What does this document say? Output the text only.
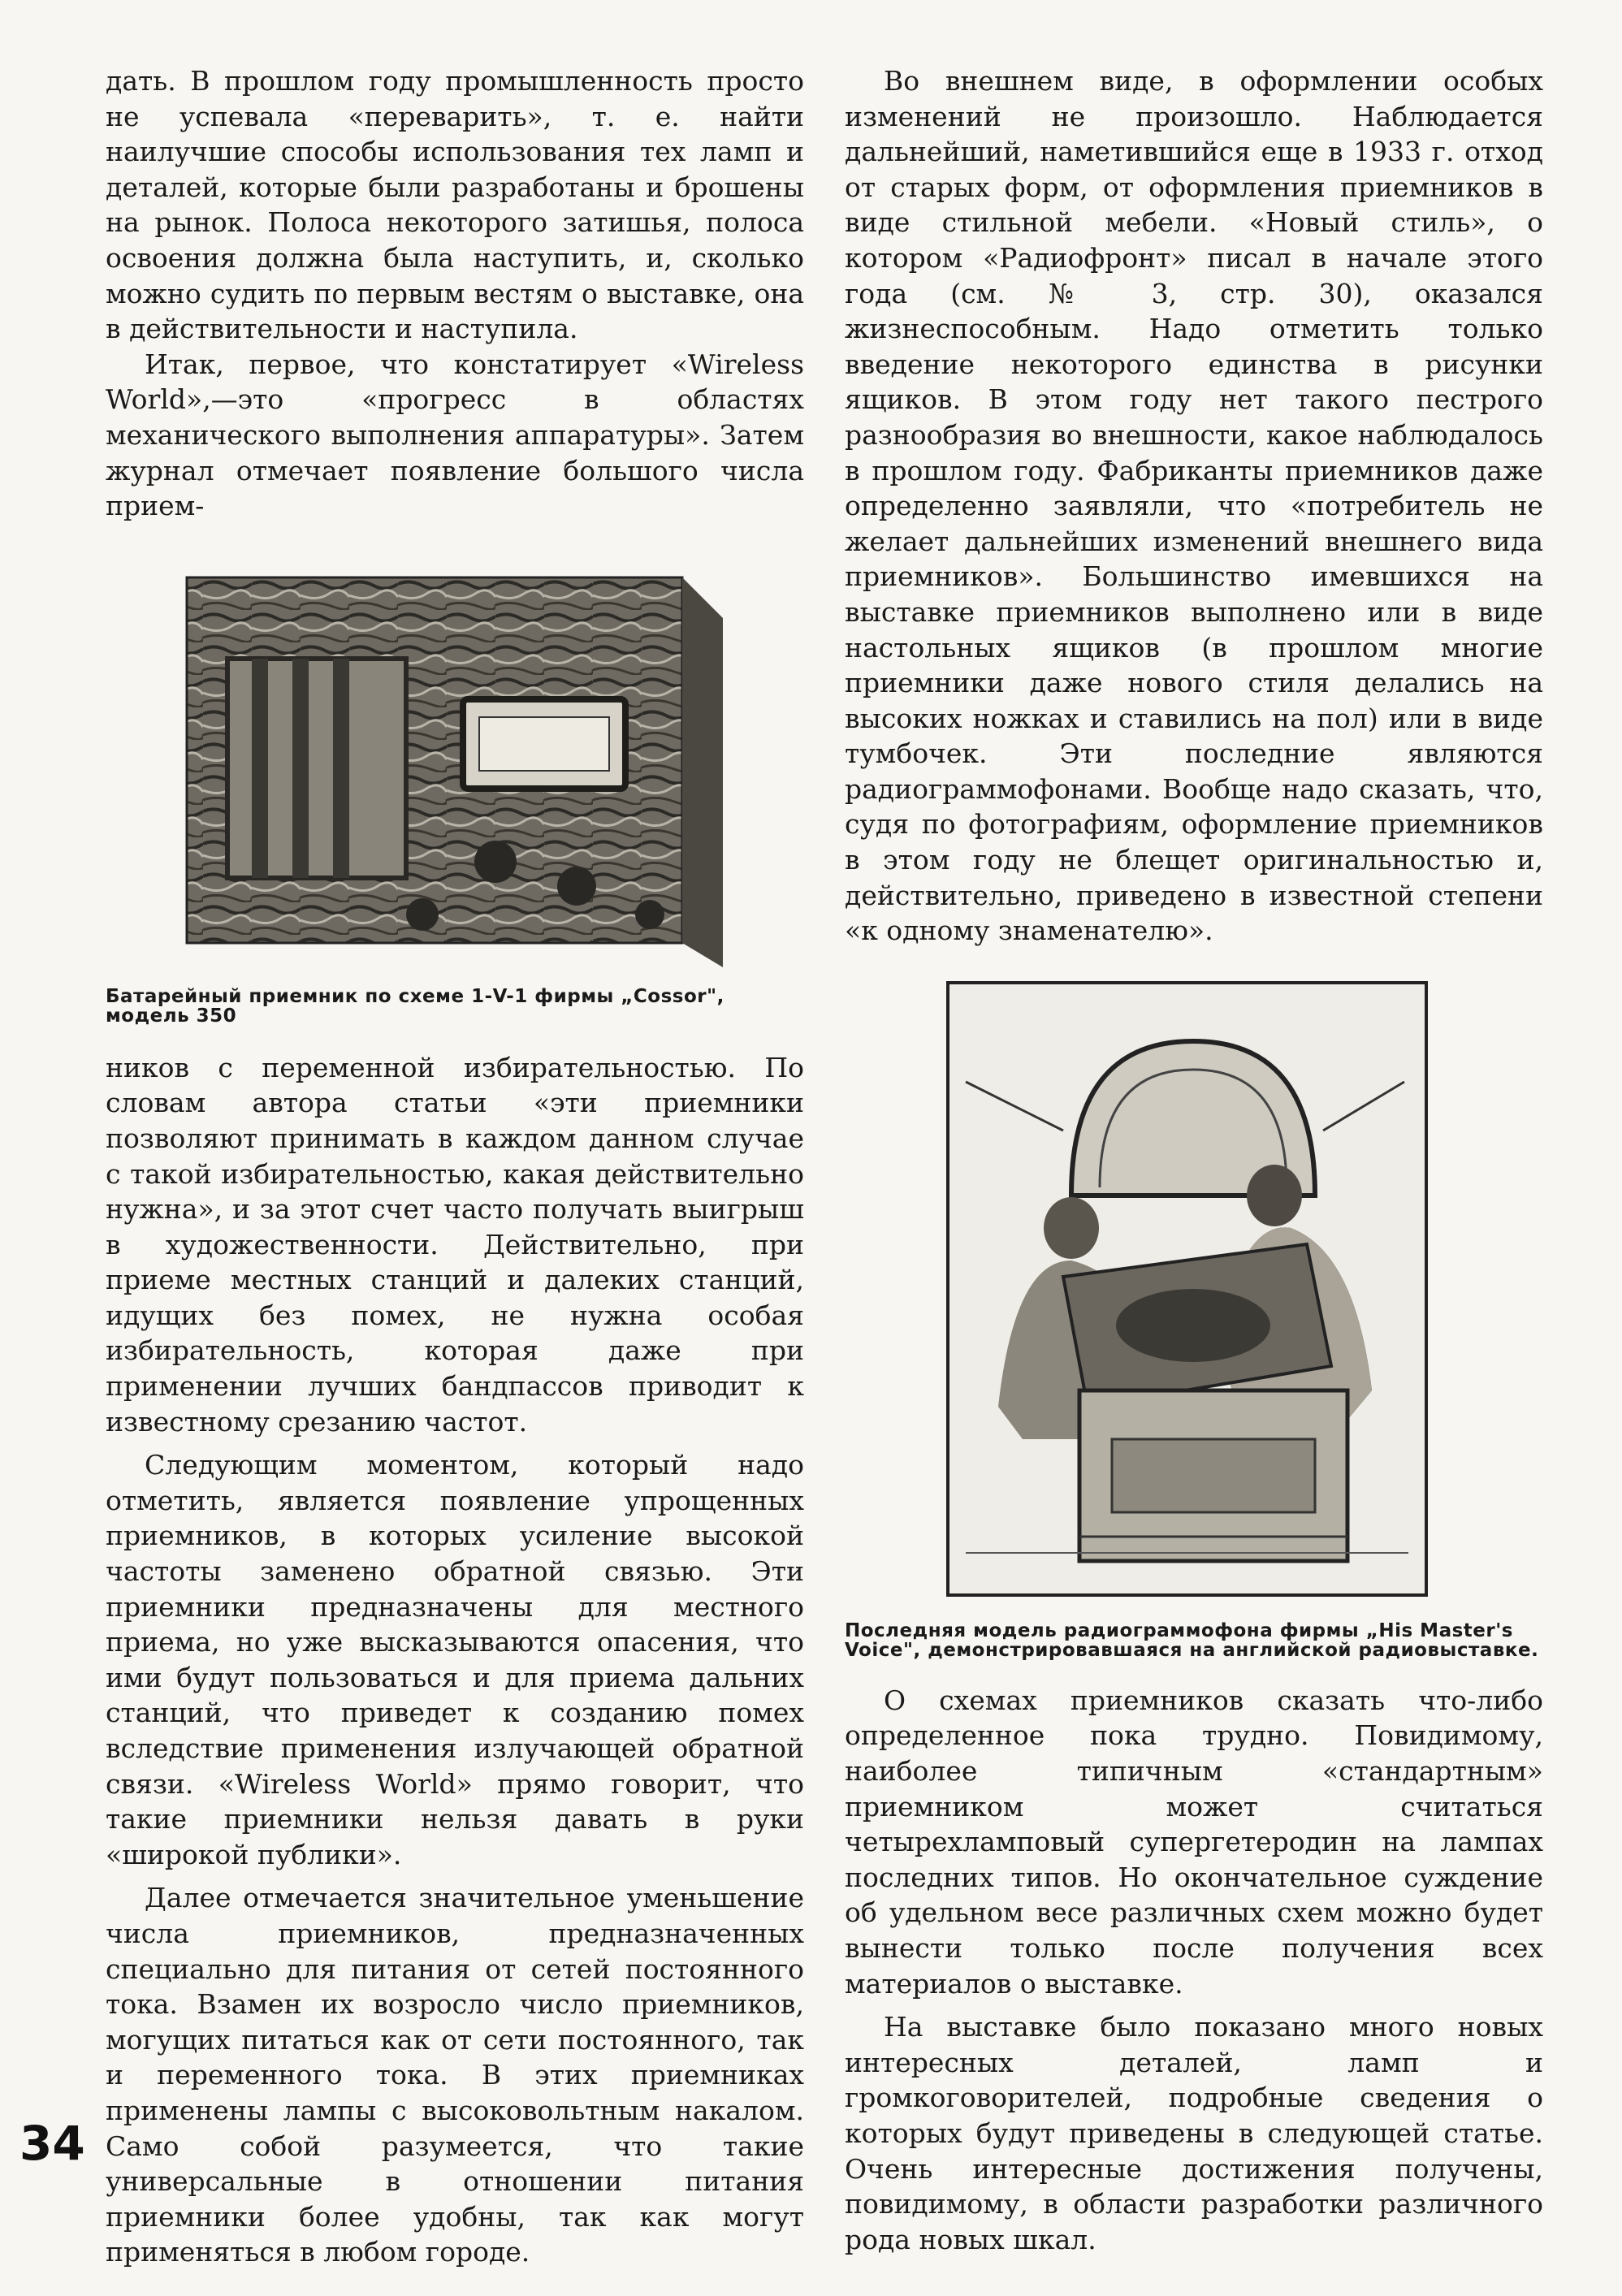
дать. В прошлом году промышленность просто не успевала «переварить», т. е. найти наилучшие способы использования тех ламп и деталей, которые были разработаны и брошены на рынок. Полоса некоторого затишья, полоса освоения должна была наступить, и, сколько можно судить по первым вестям о выставке, она в действительности и наступила.

Итак, первое, что констатирует «Wireless World»,—это «прогресс в областях механического выполнения аппаратуры». Затем журнал отмечает появление большого числа прием-

Батарейный приемник по схеме 1-V-1 фирмы „Cossor", модель 350

ников с переменной избирательностью. По словам автора статьи «эти приемники позволяют принимать в каждом данном случае с такой избирательностью, какая действительно нужна», и за этот счет часто получать выигрыш в художественности. Действительно, при приеме местных станций и далеких станций, идущих без помех, не нужна особая избирательность, которая даже при применении лучших бандпассов приводит к известному срезанию частот.

Следующим моментом, который надо отметить, является появление упрощенных приемников, в которых усиление высокой частоты заменено обратной связью. Эти приемники предназначены для местного приема, но уже высказываются опасения, что ими будут пользоваться и для приема дальних станций, что приведет к созданию помех вследствие применения излучающей обратной связи. «Wireless World» прямо говорит, что такие приемники нельзя давать в руки «широкой публики».

Далее отмечается значительное уменьшение числа приемников, предназначенных специально для питания от сетей постоянного тока. Взамен их возросло число приемников, могущих питаться как от сети постоянного, так и переменного тока. В этих приемниках применены лампы с высоковольтным накалом. Само собой разумеется, что такие универсальные в отношении питания приемники более удобны, так как могут применяться в любом городе.

Во внешнем виде, в оформлении особых изменений не произошло. Наблюдается дальнейший, наметившийся еще в 1933 г. отход от старых форм, от оформления приемников в виде стильной мебели. «Новый стиль», о котором «Радиофронт» писал в начале этого года (см. № 3, стр. 30), оказался жизнеспособным. Надо отметить только введение некоторого единства в рисунки ящиков. В этом году нет такого пестрого разнообразия во внешности, какое наблюдалось в прошлом году. Фабриканты приемников даже определенно заявляли, что «потребитель не желает дальнейших изменений внешнего вида приемников». Большинство имевшихся на выставке приемников выполнено или в виде настольных ящиков (в прошлом многие приемники даже нового стиля делались на высоких ножках и ставились на пол) или в виде тумбочек. Эти последние являются радиограммофонами. Вообще надо сказать, что, судя по фотографиям, оформление приемников в этом году не блещет оригинальностью и, действительно, приведено в известной степени «к одному знаменателю».

Последняя модель радиограммофона фирмы „His Master's Voice", демонстрировавшаяся на английской радиовыставке.

О схемах приемников сказать что-либо определенное пока трудно. Повидимому, наиболее типичным «стандартным» приемником может считаться четырехламповый супергетеродин на лампах последних типов. Но окончательное суждение об удельном весе различных схем можно будет вынести только после получения всех материалов о выставке.

На выставке было показано много новых интересных деталей, ламп и громкоговорителей, подробные сведения о которых будут приведены в следующей статье. Очень интересные достижения получены, повидимому, в области разработки различного рода новых шкал.

34
